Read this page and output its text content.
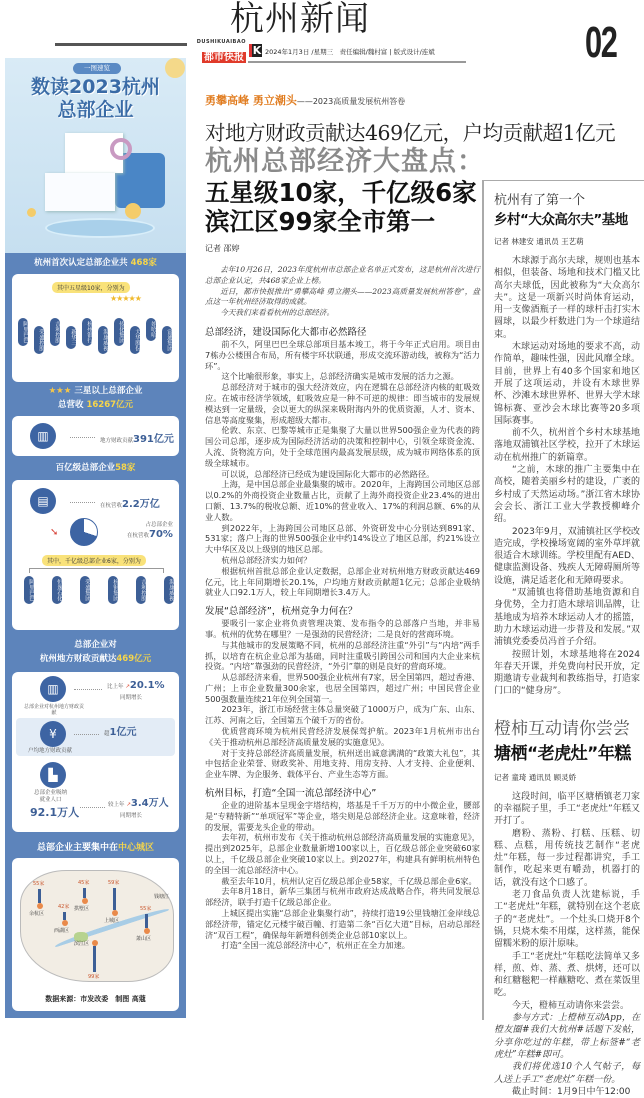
杭州新闻
DUSHIKUAIBAO
都市快报 K 2024年1月3日 /星期三　责任编辑/魏村富 | 版式设计/连斌	02
勇攀高峰 勇立潮头——2023高质量发展杭州答卷
对地方财政贡献达469亿元，户均贡献超1亿元
杭州总部经济大盘点：
五星级10家，千亿级6家
滨江区99家全市第一
记者 邵婷

去年10月26日，2023年度杭州市总部企业名单正式发布，这是杭州首次进行总部企业认定，共468家企业上榜。

近日，都市快报推出“勇攀高峰 勇立潮头——2023高质量发展杭州答卷”，盘点这一年杭州经济取得的成就。

今天我们来看看杭州的总部经济。

总部经济，建设国际化大都市必然路径

前不久，阿里巴巴全球总部项目基本竣工，将于今年正式启用。项目由7栋办公楼围合布局，所有楼宇环状联通，形成交流环游动线，被称为“活力环”。

这个比喻很形象，事实上，总部经济确实是城市发展的活力之源。

总部经济对于城市的强大经济效应，内在逻辑在总部经济内核的虹吸效应。在城市经济学领域，虹吸效应是一种不可逆的规律：即当城市的发展规模达到一定量级，会以更大的纵深来吸附海内外的优质资源，人才、资本、信息等高度聚集，形成超级大都市。

伦敦、东京、巴黎等城市正是集聚了大量以世界500强企业为代表的跨国公司总部，逐步成为国际经济活动的决策和控制中心，引领全球资金流、人流、货物流方向，处于全球范围内最高发展层级，成为城市网络体系的顶级全球城市。

可以说，总部经济已经成为建设国际化大都市的必然路径。

上海，是中国总部企业最集聚的城市。2020年，上海跨国公司地区总部以0.2%的外商投资企业数量占比，贡献了上海外商投资企业23.4%的进出口额、13.7%的税收总额、近10%的营业收入、17%的利润总额、6%的从业人数。

到2022年，上海跨国公司地区总部、外资研发中心分别达到891家、531家；落户上海的世界500强企业中约14%设立了地区总部，约21%设立大中华区及以上级别的地区总部。

杭州总部经济实力如何？

根据杭州首批总部企业认定数据，总部企业对杭州地方财政贡献达469亿元，比上年同期增长20.1%，户均地方财政贡献超1亿元；总部企业吸纳就业人口92.1万人，较上年同期增长3.4万人。

发展“总部经济”，杭州竞争力何在？

要吸引一家企业将负责管理决策、发布指令的总部落户当地，并非易事。杭州的优势在哪里？一是强劲的民营经济；二是良好的营商环境。

与其他城市的发展策略不同，杭州的总部经济注重“外引”与“内培”两手抓，以培育在杭企业总部为基础，同时注重吸引跨国公司和国内大企业来杭投资。“内培”靠强劲的民营经济，“外引”靠的则是良好的营商环境。

从总部经济来看，世界500强企业杭州有7家，居全国第四，超过香港、广州；上市企业数量300余家，也居全国第四，超过广州；中国民营企业500强数量连续21年位列全国第一。

2023年，浙江市场经营主体总量突破了1000万户，成为广东、山东、江苏、河南之后，全国第五个破千万的省份。

优质营商环境为杭州民营经济发展保驾护航。2023年1月杭州市出台《关于推动杭州总部经济高质量发展的实施意见》。

对于支持总部经济高质量发展，杭州送出诚意满满的“政策大礼包”，其中包括企业荣誉、财政奖补、用地支持、用房支持、人才支持、企业便利、企业车牌、为企服务、载体平台、产业生态等方面。

杭州目标，打造“全国一流总部经济中心”

企业的进阶基本呈现金字塔结构，塔基是千千万万的中小微企业，腰部是“专精特新”“单项冠军”等企业，塔尖则是总部经济企业。这意味着，经济的发展，需要龙头企业的带动。

去年初，杭州市发布《关于推动杭州总部经济高质量发展的实施意见》，提出到2025年，总部企业数量新增100家以上，百亿级总部企业突破60家以上，千亿级总部企业突破10家以上。到2027年，构建具有鲜明杭州特色的全国一流总部经济中心。

截至去年10月，杭州认定百亿级总部企业58家，千亿级总部企业6家。

去年8月18日，新华三集团与杭州市政府达成战略合作，将共同发展总部经济，联手打造千亿级总部企业。

上城区提出实施“总部企业集聚行动”，持续打造19公里钱塘江金岸线总部经济带，锚定亿元楼宇破百幢、打造第二条“百亿大道”目标，启动总部经济“双百工程”，确保每年新增科创类企业总部10家以上。

打造“全国一流总部经济中心”，杭州正在全力加速。

杭州有了第一个
乡村“大众高尔夫”基地
记者 林建安 通讯员 王艺萌

木球源于高尔夫球，规则也基本相似，但装备、场地和技术门槛又比高尔夫球低，因此被称为“大众高尔夫”。这是一项新兴时尚体育运动，用一支像酒瓶子一样的球杆击打实木圆球，以最少杆数进门为一个球道结束。

木球运动对场地的要求不高，动作简单，趣味性强，因此风靡全球。目前，世界上有40多个国家和地区开展了这项运动，并设有木球世界杯、沙滩木球世界杯、世界大学木球锦标赛、亚沙会木球比赛等20多项国际赛事。

前不久，杭州首个乡村木球基地落地双浦镇社区学校，拉开了木球运动在杭州推广的新篇章。

“之前，木球的推广主要集中在高校，随着美丽乡村的建设，广袤的乡村成了天然运动场。”浙江省木球协会会长、浙江工业大学教授柳峰介绍。

2023年9月，双浦镇社区学校改造完成，学校操场宽阔的室外草坪就很适合木球训练。学校里配有AED、健康监测设备、残疾人无障碍厕所等设施，满足适老化和无障碍要求。

“双浦镇也将借助基地资源和自身优势，全力打造木球培训品牌，让基地成为培养木球运动人才的摇篮，助力木球运动进一步普及和发展。”双浦镇党委委员冯首子介绍。

按照计划，木球基地将在2024年春天开课，并免费向村民开放，定期邀请专业裁判和教练指导，打造家门口的“健身房”。

橙柿互动请你尝尝
塘栖“老虎灶”年糕
记者 童琦 通讯员 顾灵娇

这段时间，临平区塘栖镇老刀家的幸福院子里，手工“老虎灶”年糕又开打了。

磨粉、蒸粉、打糕、压糕、切糕、点糕，用传统技艺制作“老虎灶”年糕，每一步过程都讲究，手工制作，吃起来更有嚼劲，机器打的话，就没有这个口感了。

老刀食品负责人沈建标说，手工“老虎灶”年糕，就特别在这个老底子的“老虎灶”。一个灶头口烧开8个锅，只烧木柴不用煤，这样蒸，能保留糯米粉的原汁原味。

手工“老虎灶”年糕吃法简单又多样，煎、炸、蒸、煮、烘烤，还可以和红糖糍粑一样蘸糖吃、煮在菜饭里吃。

今天，橙柿互动请你来尝尝。

参与方式：上橙柿互动App，在橙友圈#我们大杭州#话题下发帖，分享你吃过的年糕，带上标签#“老虎灶”年糕#即可。

我们将优选10个人气帖子，每人送上手工“老虎灶”年糕一份。

截止时间：1月9日中午12:00

一图速览
数读2023杭州
总部企业
杭州首次认定总部企业共 468家
其中五星级10家，分别为
★★★★★
阿里巴巴	荣盛控股	吉利控股	新华三	杭州银行	海康威视	传化集团	大华股份	娃哈哈	富通集团
★★★ 三星以上总部企业
总营收 16267亿元
▥	地方财政贡献391亿元
百亿级总部企业58家
▤	在杭营收2.2万亿
➘
占总部企业
在杭营收70%
其中，千亿级总部企业6家，分别为
阿里巴巴	恒逸石化	荣盛集团	杭钢集团	吉利控股	海康威视
总部企业对
杭州地方财政贡献达469亿元
▥
总部企业对杭州地方财政贡献
比上年 ↗20.1%
同期增长
¥
户均地方财政贡献
超1亿元
▙
总部企业吸纳
就业人口
92.1万人
较上年 ↗3.4万人
同期增长
总部企业主要集中在中心城区
钱塘江
55家
余杭区
45家
拱墅区
42家
西湖区
59家
上城区
55家
萧山区
99家
滨江区
数据来源：市发改委　制图 高蔻
